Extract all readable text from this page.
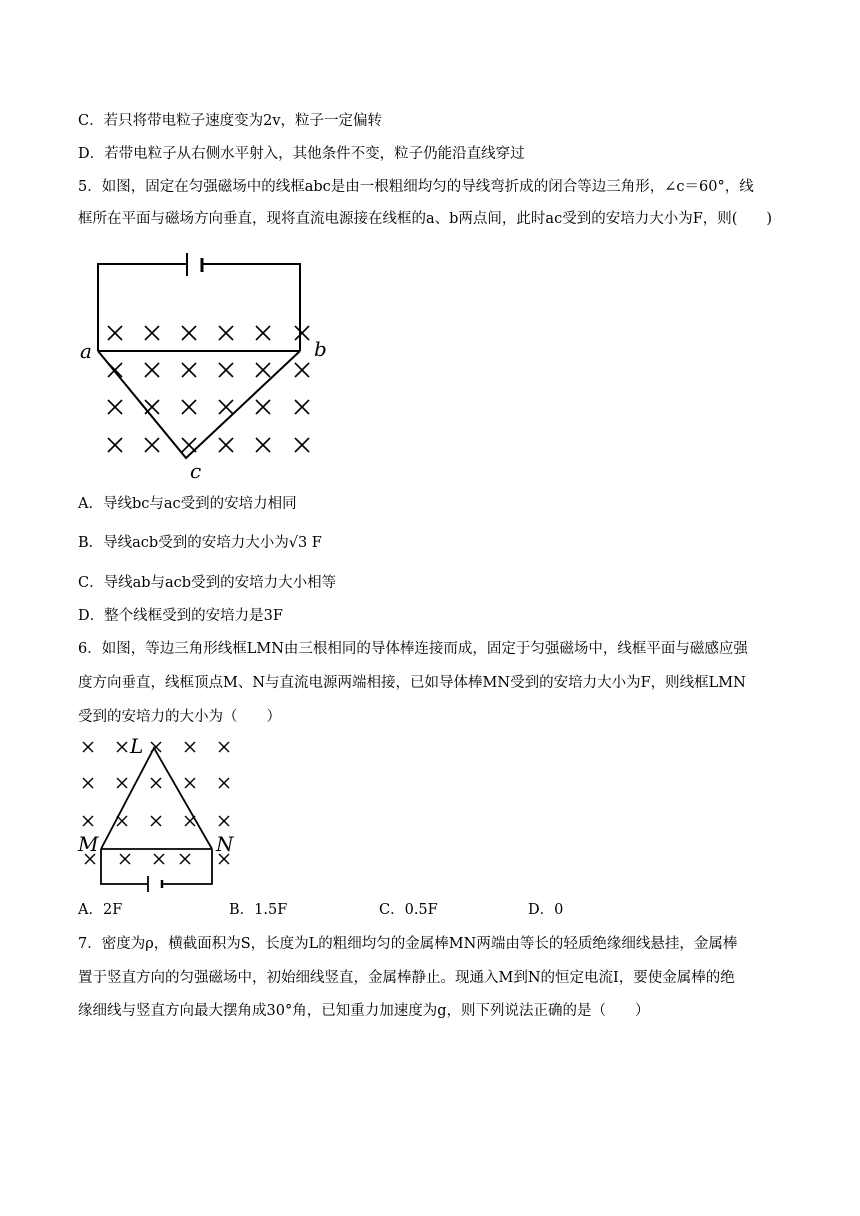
C．若只将带电粒子速度变为2v，粒子一定偏转
D．若带电粒子从右侧水平射入，其他条件不变，粒子仍能沿直线穿过
5．如图，固定在匀强磁场中的线框abc是由一根粗细均匀的导线弯折成的闭合等边三角形，∠c＝60°，线
框所在平面与磁场方向垂直，现将直流电源接在线框的a、b两点间，此时ac受到的安培力大小为F，则(　　)
a	b
c
A．导线bc与ac受到的安培力相同
B．导线acb受到的安培力大小为√3 F
C．导线ab与acb受到的安培力大小相等
D．整个线框受到的安培力是3F
6．如图，等边三角形线框LMN由三根相同的导体棒连接而成，固定于匀强磁场中，线框平面与磁感应强
度方向垂直，线框顶点M、N与直流电源两端相接，已如导体棒MN受到的安培力大小为F，则线框LMN
受到的安培力的大小为（　　）
L
M	N
A．2F	B．1.5F	C．0.5F	D．0
7．密度为ρ，横截面积为S，长度为L的粗细均匀的金属棒MN两端由等长的轻质绝缘细线悬挂，金属棒
置于竖直方向的匀强磁场中，初始细线竖直，金属棒静止。现通入M到N的恒定电流I，要使金属棒的绝
缘细线与竖直方向最大摆角成30°角，已知重力加速度为g，则下列说法正确的是（　　）
